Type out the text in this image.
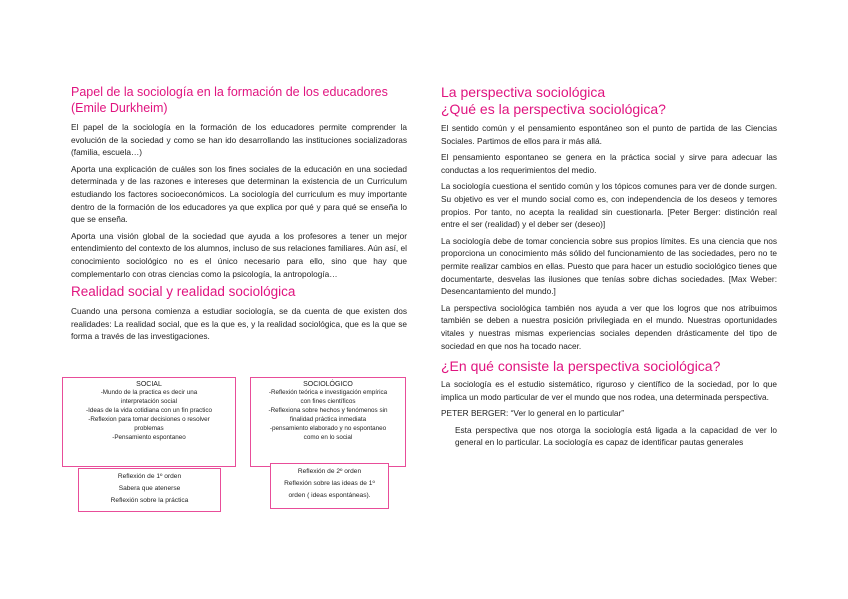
Papel de la sociología en la formación de los educadores (Emile Durkheim)

El papel de la sociología en la formación de los educadores permite comprender la evolución de la sociedad y como se han ido desarrollando las instituciones socializadoras (familia, escuela…)

Aporta una explicación de cuáles son los fines sociales de la educación en una sociedad determinada y de las razones e intereses que determinan la existencia de un Curriculum estudiando los factores socioeconómicos. La sociología del curriculum es muy importante dentro de la formación de los educadores ya que explica por qué y para qué se enseña lo que se enseña.

Aporta una visión global de la sociedad que ayuda a los profesores a tener un mejor entendimiento del contexto de los alumnos, incluso de sus relaciones familiares. Aún así, el conocimiento sociológico no es el único necesario para ello, sino que hay que complementarlo con otras ciencias como la psicología, la antropología…

Realidad social y realidad sociológica

Cuando una persona comienza a estudiar sociología, se da cuenta de que existen dos realidades: La realidad social, que es la que es, y la realidad sociológica, que es la que se forma a través de las investigaciones.

SOCIAL
-Mundo de la practica es decir una
interpretación social
-Ideas de la vida cotidiana con un fin practico
-Reflexion para tomar decisiones o resolver
problemas
-Pensamiento espontaneo
SOCIOLÓGICO
-Reflexión teórica e investigación empírica
con fines científicos
-Reflexiona sobre hechos y fenómenos sin
finalidad práctica inmediata
-pensamiento elaborado y no espontaneo
como en lo social
Reflexión de 1º orden
Sabera que atenerse
Reflexión sobre la práctica
Reflexión de 2º orden
Reflexión sobre las ideas de 1º
orden ( ideas espontáneas).
La perspectiva sociológica
¿Qué es la perspectiva sociológica?

El sentido común y el pensamiento espontáneo son el punto de partida de las Ciencias Sociales. Partimos de ellos para ir más allá.

El pensamiento espontaneo se genera en la práctica social y sirve para adecuar las conductas a los requerimientos del medio.

La sociología cuestiona el sentido común y los tópicos comunes para ver de donde surgen. Su objetivo es ver el mundo social como es, con independencia de los deseos y temores propios. Por tanto, no acepta la realidad sin cuestionarla. [Peter Berger: distinción real entre el ser (realidad) y el deber ser (deseo)]

La sociología debe de tomar conciencia sobre sus propios límites. Es una ciencia que nos proporciona un conocimiento más sólido del funcionamiento de las sociedades, pero no te permite realizar cambios en ellas. Puesto que para hacer un estudio sociológico tienes que documentarte, desvelas las ilusiones que tenías sobre dichas sociedades. [Max Weber: Desencantamiento del mundo.]

La perspectiva sociológica también nos ayuda a ver que los logros que nos atribuimos también se deben a nuestra posición privilegiada en el mundo. Nuestras oportunidades vitales y nuestras mismas experiencias sociales dependen drásticamente del tipo de sociedad en que nos ha tocado nacer.

¿En qué consiste la perspectiva sociológica?

La sociología es el estudio sistemático, riguroso y científico de la sociedad, por lo que implica un modo particular de ver el mundo que nos rodea, una determinada perspectiva.

PETER BERGER: “Ver lo general en lo particular”

Esta perspectiva que nos otorga la sociología está ligada a la capacidad de ver lo general en lo particular. La sociología es capaz de identificar pautas generales
